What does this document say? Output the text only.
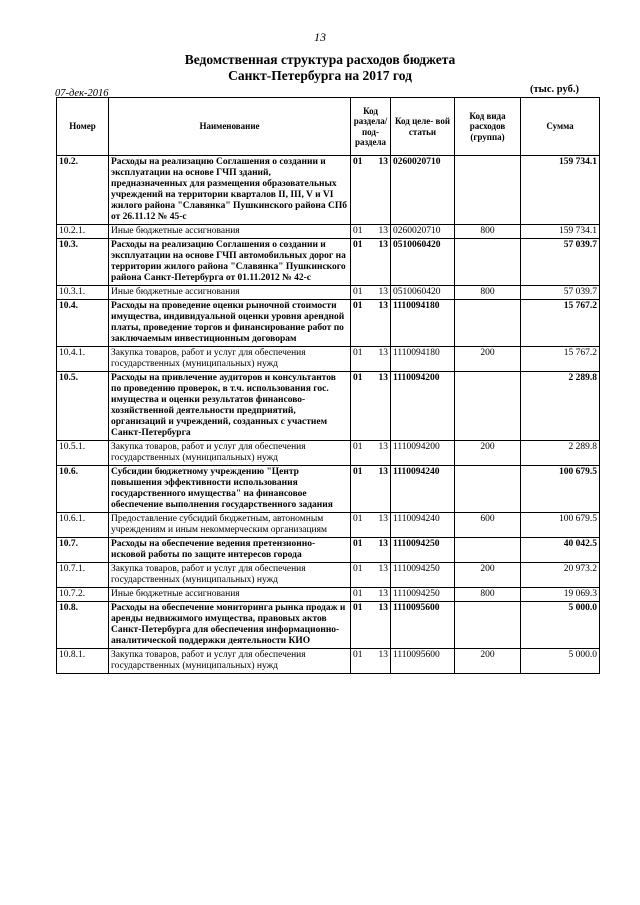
13
Ведомственная структура расходов бюджета
Санкт-Петербурга на 2017 год
07-дек-2016	(тыс. руб.)
Номер	Наименование	Код раздела/ под- раздела	Код целе- вой статьи	Код вида расходов (группа)	Сумма
10.2.	Расходы на реализацию Соглашения о создании и эксплуатации на основе ГЧП зданий, предназначенных для размещения образовательных учреждений на территории кварталов II, III, V и VI жилого района "Славянка" Пушкинского района СПб от 26.11.12 № 45-с	01 13	0260020710		159 734.1
10.2.1.	Иные бюджетные ассигнования	01 13	0260020710	800	159 734.1
10.3.	Расходы на реализацию Соглашения о создании и эксплуатации на основе ГЧП автомобильных дорог на территории жилого района "Славянка" Пушкинского района Санкт-Петербурга от 01.11.2012 № 42-с	01 13	0510060420		57 039.7
10.3.1.	Иные бюджетные ассигнования	01 13	0510060420	800	57 039.7
10.4.	Расходы на проведение оценки рыночной стоимости имущества, индивидуальной оценки уровня арендной платы, проведение торгов и финансирование работ по заключаемым инвестиционным договорам	01 13	1110094180		15 767.2
10.4.1.	Закупка товаров, работ и услуг для обеспечения государственных (муниципальных) нужд	01 13	1110094180	200	15 767.2
10.5.	Расходы на привлечение аудиторов и консультантов по проведению проверок, в т.ч. использования гос. имущества и оценки результатов финансово-хозяйственной деятельности предприятий, организаций и учреждений, созданных с участием Санкт-Петербурга	01 13	1110094200		2 289.8
10.5.1.	Закупка товаров, работ и услуг для обеспечения государственных (муниципальных) нужд	01 13	1110094200	200	2 289.8
10.6.	Субсидии бюджетному учреждению "Центр повышения эффективности использования государственного имущества" на финансовое обеспечение выполнения государственного задания	01 13	1110094240		100 679.5
10.6.1.	Предоставление субсидий бюджетным, автономным учреждениям и иным некоммерческим организациям	01 13	1110094240	600	100 679.5
10.7.	Расходы на обеспечение ведения претензионно-исковой работы по защите интересов города	01 13	1110094250		40 042.5
10.7.1.	Закупка товаров, работ и услуг для обеспечения государственных (муниципальных) нужд	01 13	1110094250	200	20 973.2
10.7.2.	Иные бюджетные ассигнования	01 13	1110094250	800	19 069.3
10.8.	Расходы на обеспечение мониторинга рынка продаж и аренды недвижимого имущества, правовых актов Санкт-Петербурга для обеспечения информационно-аналитической поддержки деятельности КИО	01 13	1110095600		5 000.0
10.8.1.	Закупка товаров, работ и услуг для обеспечения государственных (муниципальных) нужд	01 13	1110095600	200	5 000.0
